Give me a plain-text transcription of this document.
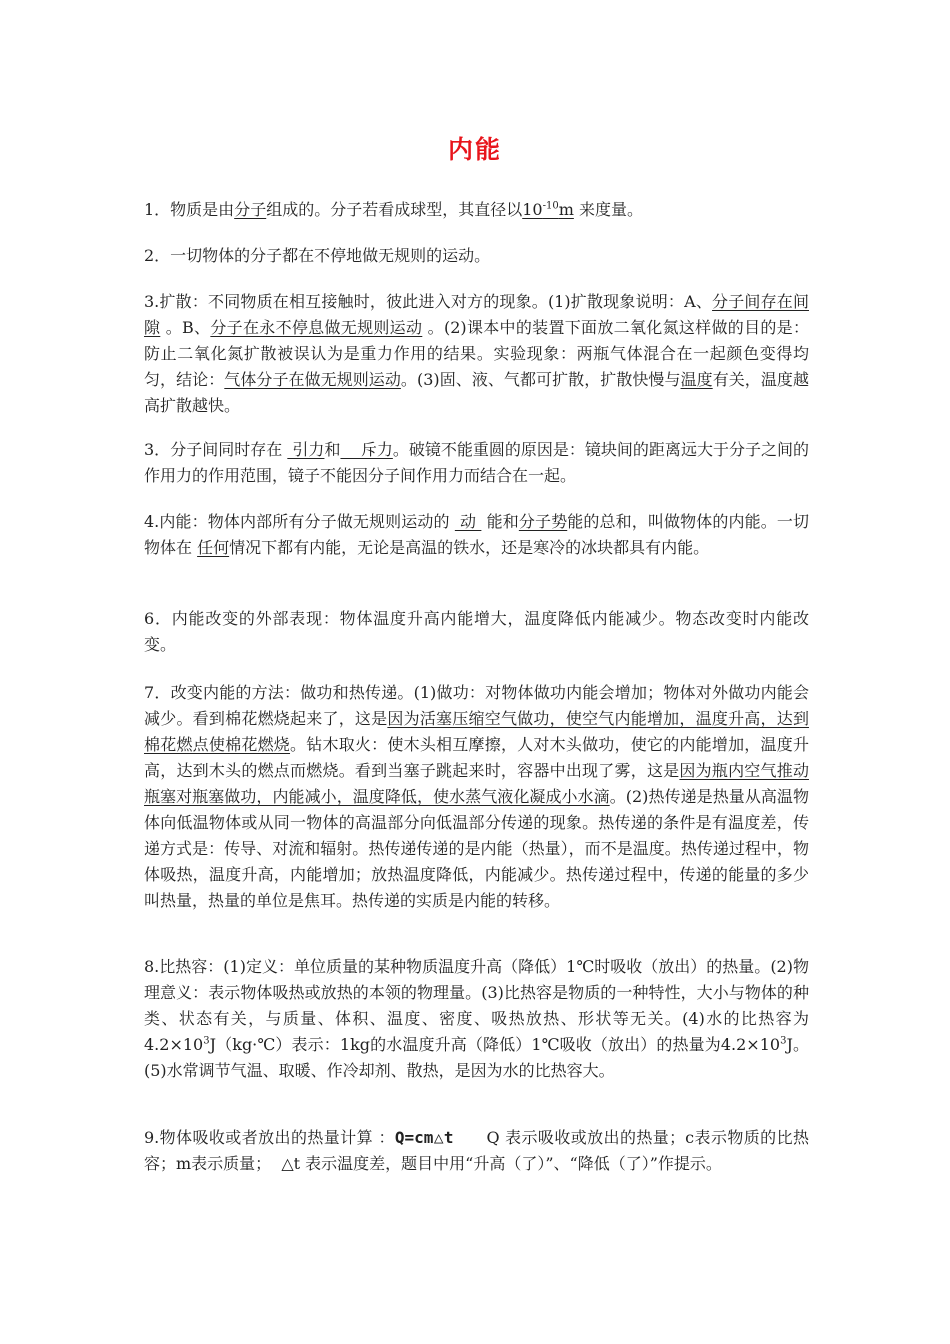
内能

1．物质是由分子组成的。分子若看成球型，其直径以$10^{-10}m$ 来度量。

2．一切物体的分子都在不停地做无规则的运动。

3.扩散：不同物质在相互接触时，彼此进入对方的现象。(1)扩散现象说明：A、分子间存在间隙 。B、分子在永不停息做无规则运动 。(2)课本中的装置下面放二氧化氮这样做的目的是：防止二氧化氮扩散被误认为是重力作用的结果。实验现象：两瓶气体混合在一起颜色变得均匀，结论：气体分子在做无规则运动。(3)固、液、气都可扩散，扩散快慢与温度有关，温度越高扩散越快。

3．分子间同时存在  引力和    斥力。破镜不能重圆的原因是：镜块间的距离远大于分子之间的作用力的作用范围，镜子不能因分子间作用力而结合在一起。

4.内能：物体内部所有分子做无规则运动的  动  能和分子势能的总和，叫做物体的内能。一切物体在 任何情况下都有内能，无论是高温的铁水，还是寒冷的冰块都具有内能。

6．内能改变的外部表现：物体温度升高内能增大，温度降低内能减少。物态改变时内能改变。

7．改变内能的方法：做功和热传递。(1)做功：对物体做功内能会增加；物体对外做功内能会减少。看到棉花燃烧起来了，这是因为活塞压缩空气做功，使空气内能增加，温度升高，达到棉花燃点使棉花燃烧。钻木取火：使木头相互摩擦，人对木头做功，使它的内能增加，温度升高，达到木头的燃点而燃烧。看到当塞子跳起来时，容器中出现了雾，这是因为瓶内空气推动瓶塞对瓶塞做功，内能减小，温度降低，使水蒸气液化凝成小水滴。(2)热传递是热量从高温物体向低温物体或从同一物体的高温部分向低温部分传递的现象。热传递的条件是有温度差，传递方式是：传导、对流和辐射。热传递传递的是内能（热量），而不是温度。热传递过程中，物体吸热，温度升高，内能增加；放热温度降低，内能减少。热传递过程中，传递的能量的多少叫热量，热量的单位是焦耳。热传递的实质是内能的转移。

8.比热容：(1)定义：单位质量的某种物质温度升高（降低）1℃时吸收（放出）的热量。(2)物理意义：表示物体吸热或放热的本领的物理量。(3)比热容是物质的一种特性，大小与物体的种类、状态有关，与质量、体积、温度、密度、吸热放热、形状等无关。(4)水的比热容为$4.2\times 10^3J(kg\cdot℃)$表示：1kg的水温度升高（降低）1℃吸收（放出）的热量为$4.2\times 10^3J$。(5)水常调节气温、取暖、作冷却剂、散热，是因为水的比热容大。

9.物体吸收或者放出的热量计算 ：Q=cm△t      Q 表示吸收或放出的热量；c表示物质的比热容；m表示质量；  △t 表示温度差，题目中用“升高（了）”、“降低（了）”作提示。
